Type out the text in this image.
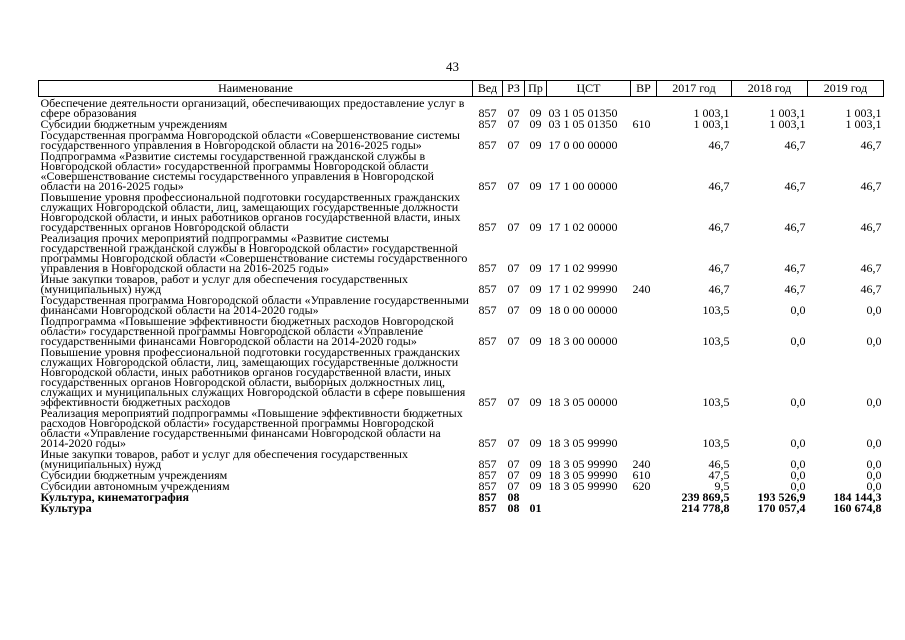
43
Наименование	Вед	РЗ	Пр	ЦСТ	ВР	2017 год	2018 год	2019 год
Обеспечение деятельности организаций, обеспечивающих предоставление услуг в сфере образования	857	07	09	03 1 05 01350		1 003,1	1 003,1	1 003,1
Субсидии бюджетным учреждениям	857	07	09	03 1 05 01350	610	1 003,1	1 003,1	1 003,1
Государственная программа Новгородской области «Совершенствование системы государственного управления в Новгородской области на 2016-2025 годы»	857	07	09	17 0 00 00000		46,7	46,7	46,7
Подпрограмма «Развитие системы государственной гражданской службы в Новгородской области» государственной программы Новгородской области «Совершенствование системы государственного управления в Новгородской области на 2016-2025 годы»	857	07	09	17 1 00 00000		46,7	46,7	46,7
Повышение уровня профессиональной подготовки государственных гражданских служащих Новгородской области, лиц, замещающих государственные должности Новгородской области, и иных работников органов государственной власти, иных государственных органов Новгородской области	857	07	09	17 1 02 00000		46,7	46,7	46,7
Реализация прочих мероприятий подпрограммы «Развитие системы государственной гражданской службы в Новгородской области» государственной программы Новгородской области «Совершенствование системы государственного управления в Новгородской области на 2016-2025 годы»	857	07	09	17 1 02 99990		46,7	46,7	46,7
Иные закупки товаров, работ и услуг для обеспечения государственных (муниципальных) нужд	857	07	09	17 1 02 99990	240	46,7	46,7	46,7
Государственная программа Новгородской области «Управление государственными финансами Новгородской области на 2014-2020 годы»	857	07	09	18 0 00 00000		103,5	0,0	0,0
Подпрограмма «Повышение эффективности бюджетных расходов Новгородской области» государственной программы Новгородской области «Управление государственными финансами Новгородской области на 2014-2020 годы»	857	07	09	18 3 00 00000		103,5	0,0	0,0
Повышение уровня профессиональной подготовки государственных гражданских служащих Новгородской области, лиц, замещающих государственные должности Новгородской области, иных работников органов государственной власти, иных государственных органов Новгородской области, выборных должностных лиц, служащих и муниципальных служащих Новгородской области в сфере повышения эффективности бюджетных расходов	857	07	09	18 3 05 00000		103,5	0,0	0,0
Реализация мероприятий подпрограммы «Повышение эффективности бюджетных расходов Новгородской области» государственной программы Новгородской области «Управление государственными финансами Новгородской области на 2014-2020 годы»	857	07	09	18 3 05 99990		103,5	0,0	0,0
Иные закупки товаров, работ и услуг для обеспечения государственных (муниципальных) нужд	857	07	09	18 3 05 99990	240	46,5	0,0	0,0
Субсидии бюджетным учреждениям	857	07	09	18 3 05 99990	610	47,5	0,0	0,0
Субсидии автономным учреждениям	857	07	09	18 3 05 99990	620	9,5	0,0	0,0
Культура, кинематография	857	08				239 869,5	193 526,9	184 144,3
Культура	857	08	01			214 778,8	170 057,4	160 674,8
